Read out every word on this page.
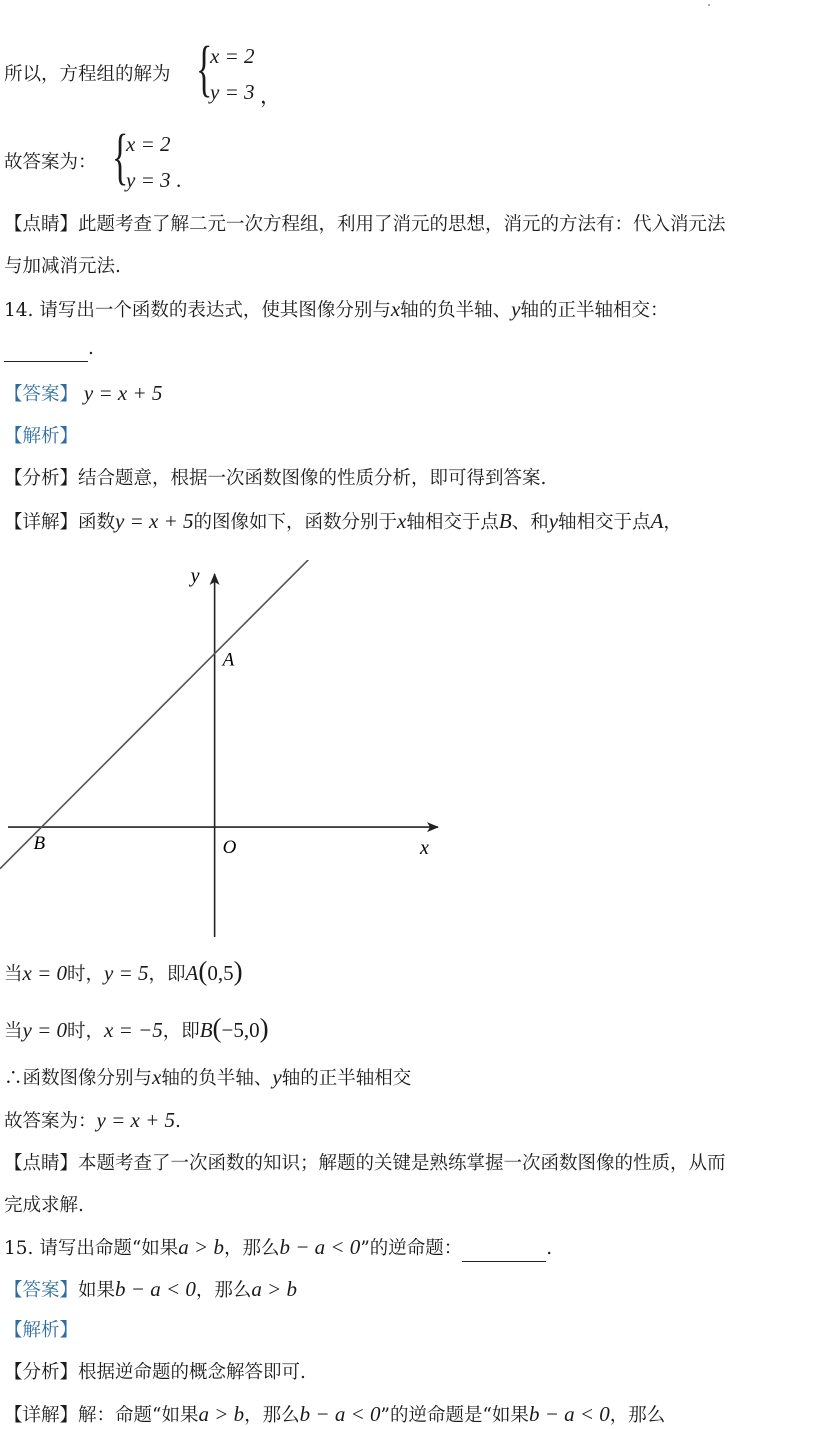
所以，方程组的解为 {
x = 2
y = 3 ，
故答案为： {
x = 2
y = 3 .
【点睛】此题考查了解二元一次方程组，利用了消元的思想，消元的方法有：代入消元法
与加减消元法.
14. 请写出一个函数的表达式，使其图像分别与x轴的负半轴、y轴的正半轴相交：
.
【答案】 y = x + 5
【解析】
【分析】结合题意，根据一次函数图像的性质分析，即可得到答案.
【详解】函数y = x + 5的图像如下，函数分别于x轴相交于点B、和y轴相交于点A，
x
y
A
B	O
当x = 0时，y = 5，即A(0,5)
当y = 0时，x = −5，即B(−5,0)
∴函数图像分别与x轴的负半轴、y轴的正半轴相交
故答案为：y = x + 5.
【点睛】本题考查了一次函数的知识；解题的关键是熟练掌握一次函数图像的性质，从而
完成求解.
15. 请写出命题“如果a > b，那么b − a < 0”的逆命题：	.
【答案】如果b − a < 0，那么a > b
【解析】
【分析】根据逆命题的概念解答即可.
【详解】解：命题“如果a > b，那么b − a < 0”的逆命题是“如果b − a < 0，那么
